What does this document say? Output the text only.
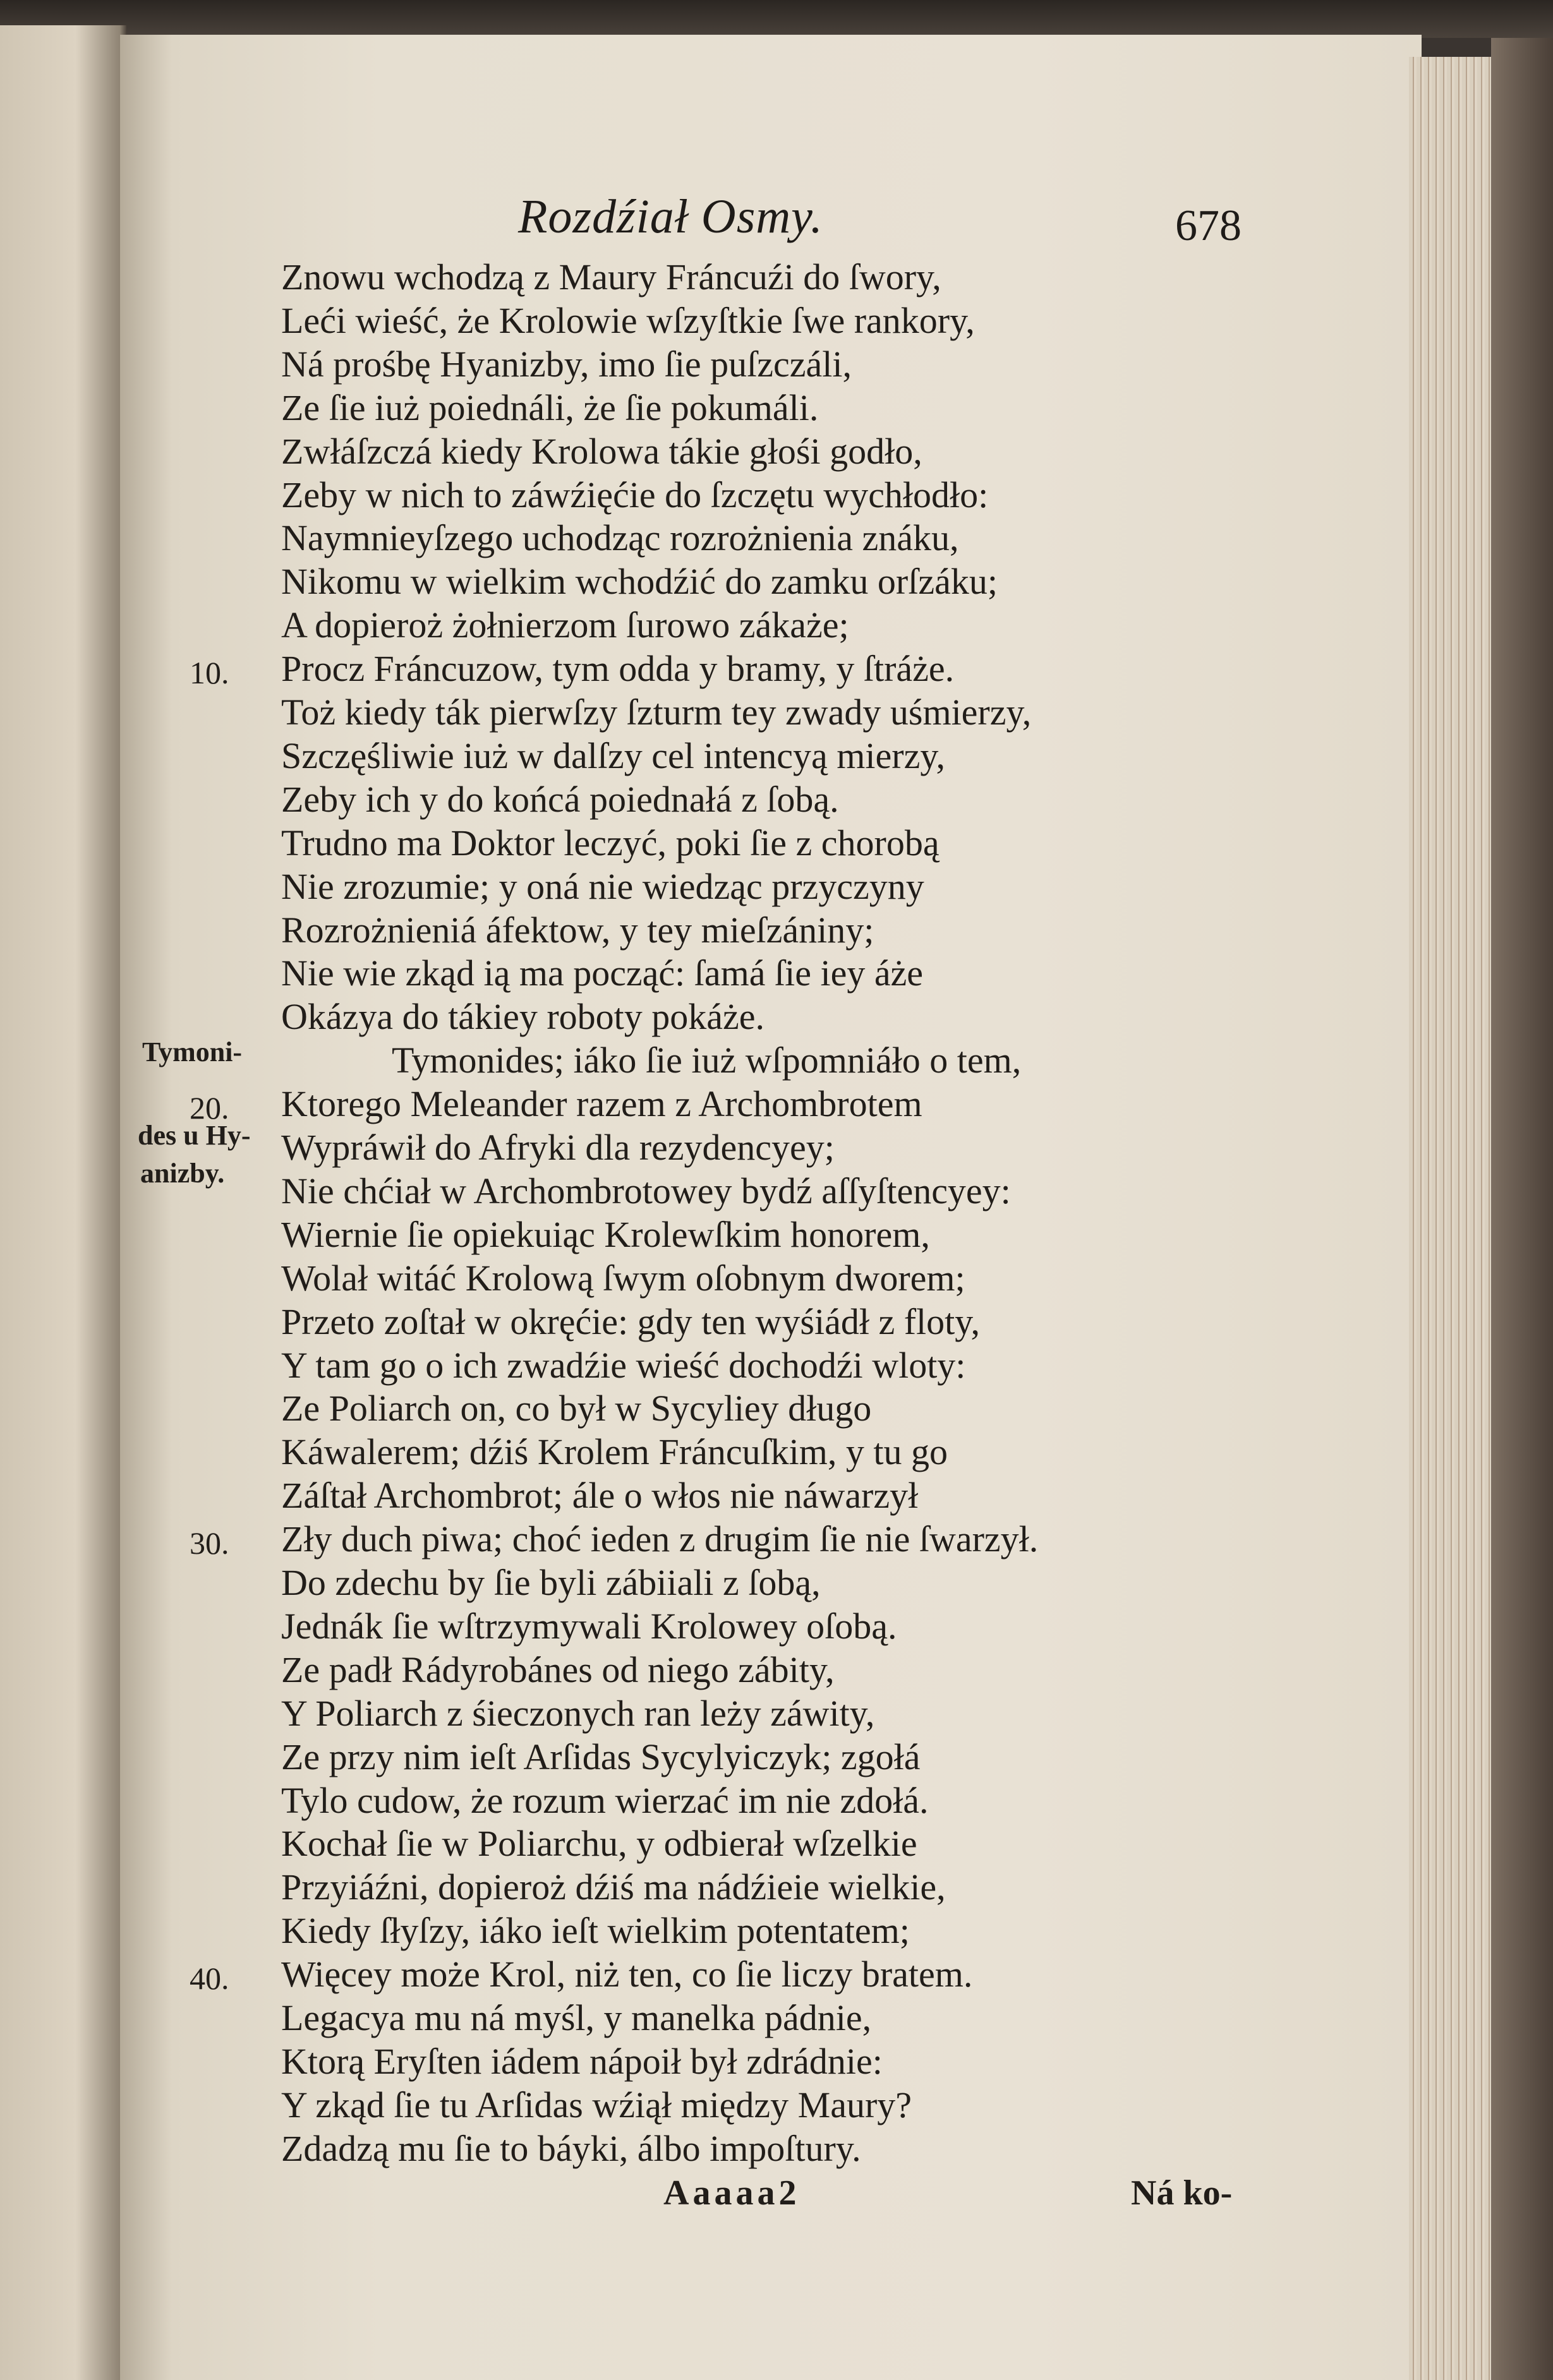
Rozdźiał Osmy.	678
Znowu wchodzą z Maury Fráncuźi do ſwory,
Leći wieść, że Krolowie wſzyſtkie ſwe rankory,
Ná prośbę Hyanizby, imo ſie puſzczáli,
Ze ſie iuż poiednáli, że ſie pokumáli.
Zwłáſzczá kiedy Krolowa tákie głośi godło,
Zeby w nich to záwźięćie do ſzczętu wychłodło:
Naymnieyſzego uchodząc rozrożnienia znáku,
Nikomu w wielkim wchodźić do zamku orſzáku;
A dopieroż żołnierzom ſurowo zákaże;
Procz Fráncuzow, tym odda y bramy, y ſtráże.
Toż kiedy ták pierwſzy ſzturm tey zwady uśmierzy,
Szczęśliwie iuż w dalſzy cel intencyą mierzy,
Zeby ich y do końcá poiednałá z ſobą.
Trudno ma Doktor leczyć, poki ſie z chorobą
Nie zrozumie; y oná nie wiedząc przyczyny
Rozrożnieniá áfektow, y tey mieſzániny;
Nie wie zkąd ią ma począć: ſamá ſie iey áże
Okázya do tákiey roboty pokáże.
Tymonides; iáko ſie iuż wſpomniáło o tem,
Ktorego Meleander razem z Archombrotem
Wypráwił do Afryki dla rezydencyey;
Nie chćiał w Archombrotowey bydź aſſyſtencyey:
Wiernie ſie opiekuiąc Krolewſkim honorem,
Wolał witáć Krolową ſwym oſobnym dworem;
Przeto zoſtał w okręćie: gdy ten wyśiádł z floty,
Y tam go o ich zwadźie wieść dochodźi wloty:
Ze Poliarch on, co był w Sycyliey długo
Káwalerem; dźiś Krolem Fráncuſkim, y tu go
Záſtał Archombrot; ále o włos nie náwarzył
Zły duch piwa; choć ieden z drugim ſie nie ſwarzył.
Do zdechu by ſie byli zábiiali z ſobą,
Jednák ſie wſtrzymywali Krolowey oſobą.
Ze padł Rádyrobánes od niego zábity,
Y Poliarch z śieczonych ran leży záwity,
Ze przy nim ieſt Arſidas Sycylyiczyk; zgołá
Tylo cudow, że rozum wierzać im nie zdołá.
Kochał ſie w Poliarchu, y odbierał wſzelkie
Przyiáźni, dopieroż dźiś ma nádźieie wielkie,
Kiedy ſłyſzy, iáko ieſt wielkim potentatem;
Więcey może Krol, niż ten, co ſie liczy bratem.
Legacya mu ná myśl, y manelka pádnie,
Ktorą Eryſten iádem nápoił był zdrádnie:
Y zkąd ſie tu Arſidas wźiął między Maury?
Zdadzą mu ſie to báyki, álbo impoſtury.
10.
20.
30.
40.
Tymoni-
des u Hy-
anizby.
Aaaaa2	Ná ko-
